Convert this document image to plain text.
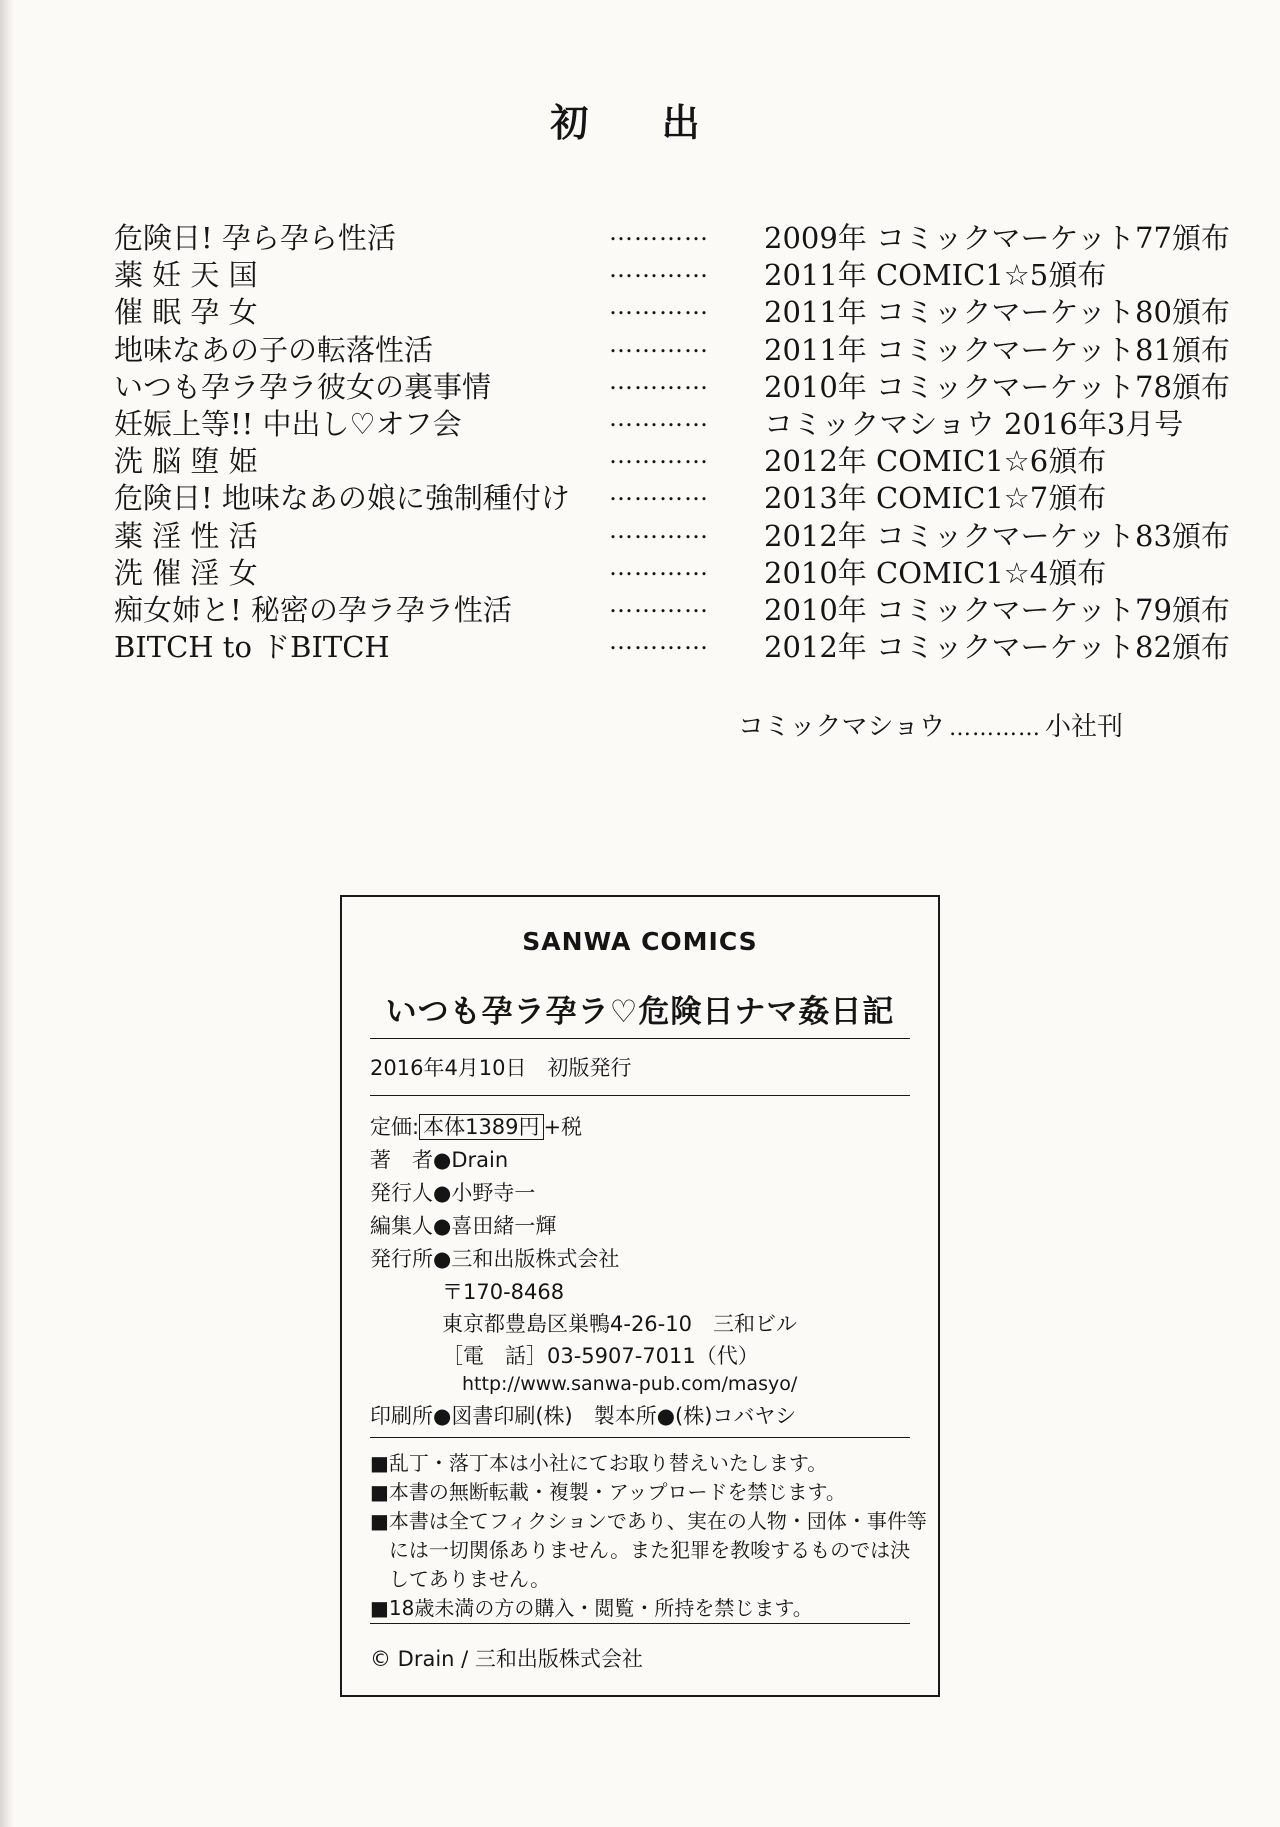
初 出
危険日! 孕ら孕ら性活	………… 2009年 コミックマーケット77頒布
薬 妊 天 国	………… 2011年 COMIC1☆5頒布
催 眠 孕 女	………… 2011年 コミックマーケット80頒布
地味なあの子の転落性活	………… 2011年 コミックマーケット81頒布
いつも孕ラ孕ラ彼女の裏事情	………… 2010年 コミックマーケット78頒布
妊娠上等!! 中出し♡オフ会	………… コミックマショウ 2016年3月号
洗 脳 堕 姫	………… 2012年 COMIC1☆6頒布
危険日! 地味なあの娘に強制種付け ………… 2013年 COMIC1☆7頒布
薬 淫 性 活	………… 2012年 コミックマーケット83頒布
洗 催 淫 女	………… 2010年 COMIC1☆4頒布
痴女姉と! 秘密の孕ラ孕ラ性活	………… 2010年 コミックマーケット79頒布
BITCH to ドBITCH	………… 2012年 コミックマーケット82頒布
コミックマショウ ………… 小社刊
SANWA COMICS
いつも孕ラ孕ラ♡危険日ナマ姦日記
2016年4月10日　初版発行
定価: 本体1389円 +税
著　者●Drain
発行人●小野寺一
編集人●喜田緒一輝
発行所●三和出版株式会社
〒170-8468
東京都豊島区巣鴨4-26-10　三和ビル
［電　話］03-5907-7011（代）
http://www.sanwa-pub.com/masyo/
印刷所●図書印刷(株)　製本所●(株)コバヤシ
■ 乱丁・落丁本は小社にてお取り替えいたします。
■ 本書の無断転載・複製・アップロードを禁じます。
■ 本書は全てフィクションであり、実在の人物・団体・事件等には一切関係ありません。また犯罪を教唆するものでは決してありません。
■ 18歳未満の方の購入・閲覧・所持を禁じます。
© Drain / 三和出版株式会社
